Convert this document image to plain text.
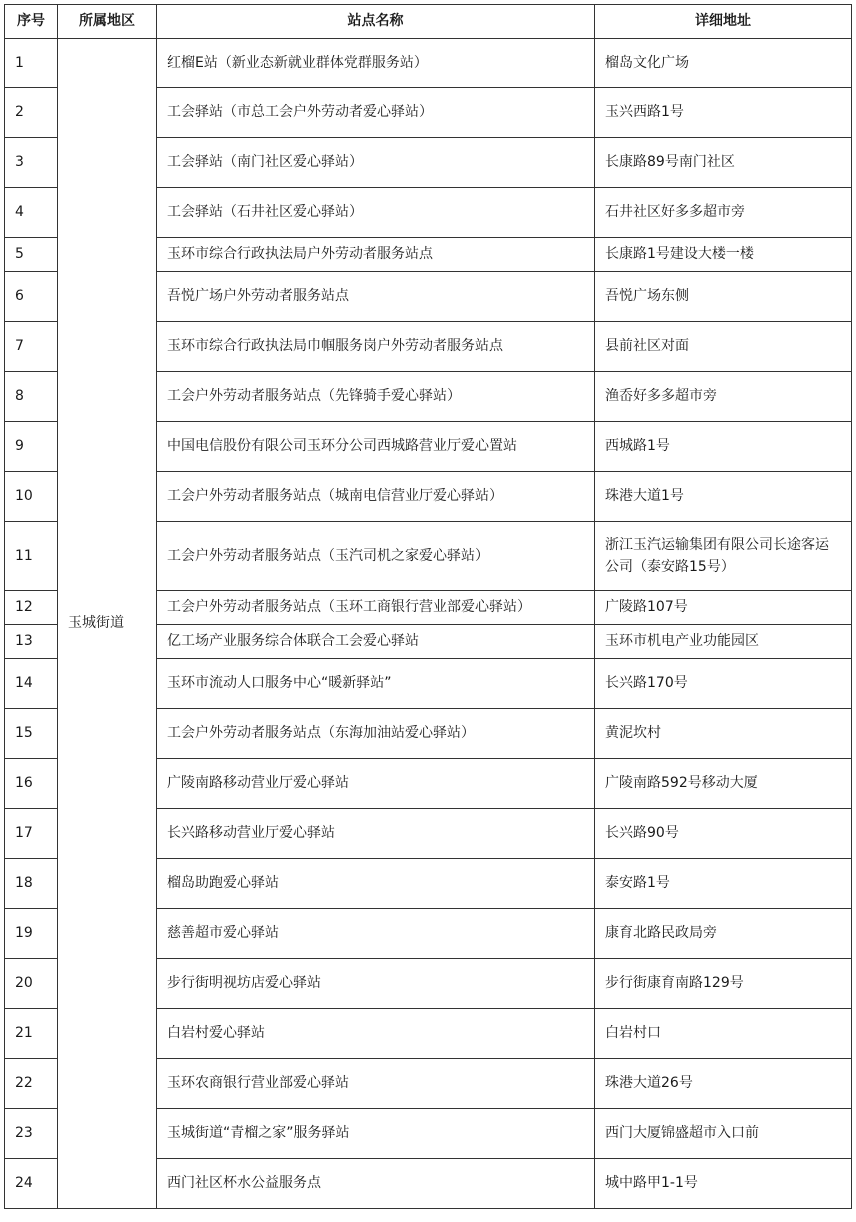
序号	所属地区	站点名称	详细地址
1	玉城街道	红榴E站（新业态新就业群体党群服务站）	榴岛文化广场
2		工会驿站（市总工会户外劳动者爱心驿站）	玉兴西路1号
3		工会驿站（南门社区爱心驿站）	长康路89号南门社区
4		工会驿站（石井社区爱心驿站）	石井社区好多多超市旁
5		玉环市综合行政执法局户外劳动者服务站点	长康路1号建设大楼一楼
6		吾悦广场户外劳动者服务站点	吾悦广场东侧
7		玉环市综合行政执法局巾帼服务岗户外劳动者服务站点	县前社区对面
8		工会户外劳动者服务站点（先锋骑手爱心驿站）	渔岙好多多超市旁
9		中国电信股份有限公司玉环分公司西城路营业厅爱心置站	西城路1号
10		工会户外劳动者服务站点（城南电信营业厅爱心驿站）	珠港大道1号
11		工会户外劳动者服务站点（玉汽司机之家爱心驿站）	浙江玉汽运输集团有限公司长途客运公司（泰安路15号）
12		工会户外劳动者服务站点（玉环工商银行营业部爱心驿站）	广陵路107号
13		亿工场产业服务综合体联合工会爱心驿站	玉环市机电产业功能园区
14		玉环市流动人口服务中心“暖新驿站”	长兴路170号
15		工会户外劳动者服务站点（东海加油站爱心驿站）	黄泥坎村
16		广陵南路移动营业厅爱心驿站	广陵南路592号移动大厦
17		长兴路移动营业厅爱心驿站	长兴路90号
18		榴岛助跑爱心驿站	泰安路1号
19		慈善超市爱心驿站	康育北路民政局旁
20		步行街明视坊店爱心驿站	步行街康育南路129号
21		白岩村爱心驿站	白岩村口
22		玉环农商银行营业部爱心驿站	珠港大道26号
23		玉城街道“青榴之家”服务驿站	西门大厦锦盛超市入口前
24		西门社区杯水公益服务点	城中路甲1-1号
